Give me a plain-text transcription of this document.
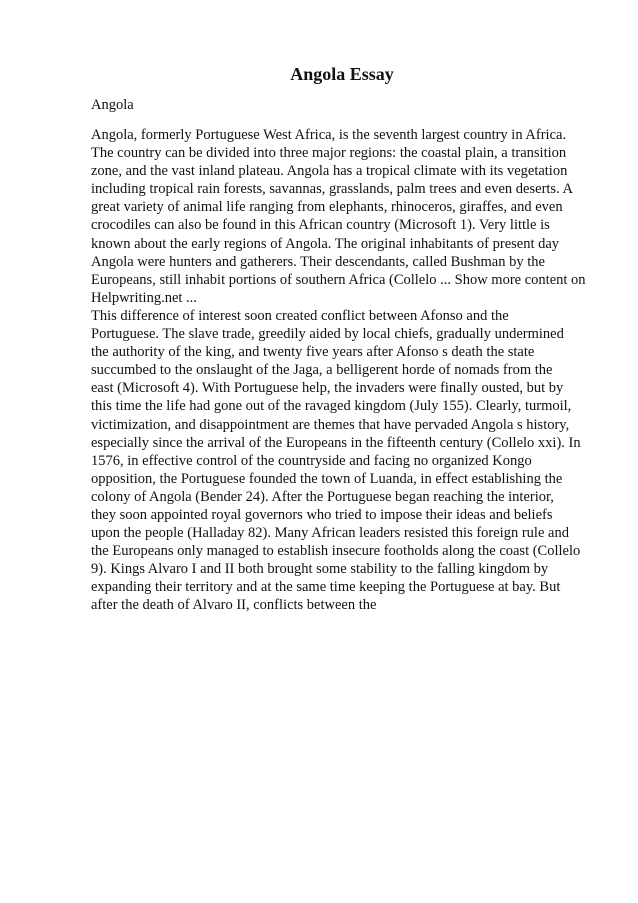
Angola Essay
Angola
Angola, formerly Portuguese West Africa, is the seventh largest country in Africa.
The country can be divided into three major regions: the coastal plain, a transition
zone, and the vast inland plateau. Angola has a tropical climate with its vegetation
including tropical rain forests, savannas, grasslands, palm trees and even deserts. A
great variety of animal life ranging from elephants, rhinoceros, giraffes, and even
crocodiles can also be found in this African country (Microsoft 1). Very little is
known about the early regions of Angola. The original inhabitants of present day
Angola were hunters and gatherers. Their descendants, called Bushman by the
Europeans, still inhabit portions of southern Africa (Collelo ... Show more content on
Helpwriting.net ...
This difference of interest soon created conflict between Afonso and the
Portuguese. The slave trade, greedily aided by local chiefs, gradually undermined
the authority of the king, and twenty five years after Afonso s death the state
succumbed to the onslaught of the Jaga, a belligerent horde of nomads from the
east (Microsoft 4). With Portuguese help, the invaders were finally ousted, but by
this time the life had gone out of the ravaged kingdom (July 155). Clearly, turmoil,
victimization, and disappointment are themes that have pervaded Angola s history,
especially since the arrival of the Europeans in the fifteenth century (Collelo xxi). In
1576, in effective control of the countryside and facing no organized Kongo
opposition, the Portuguese founded the town of Luanda, in effect establishing the
colony of Angola (Bender 24). After the Portuguese began reaching the interior,
they soon appointed royal governors who tried to impose their ideas and beliefs
upon the people (Halladay 82). Many African leaders resisted this foreign rule and
the Europeans only managed to establish insecure footholds along the coast (Collelo
9). Kings Alvaro I and II both brought some stability to the falling kingdom by
expanding their territory and at the same time keeping the Portuguese at bay. But
after the death of Alvaro II, conflicts between the
